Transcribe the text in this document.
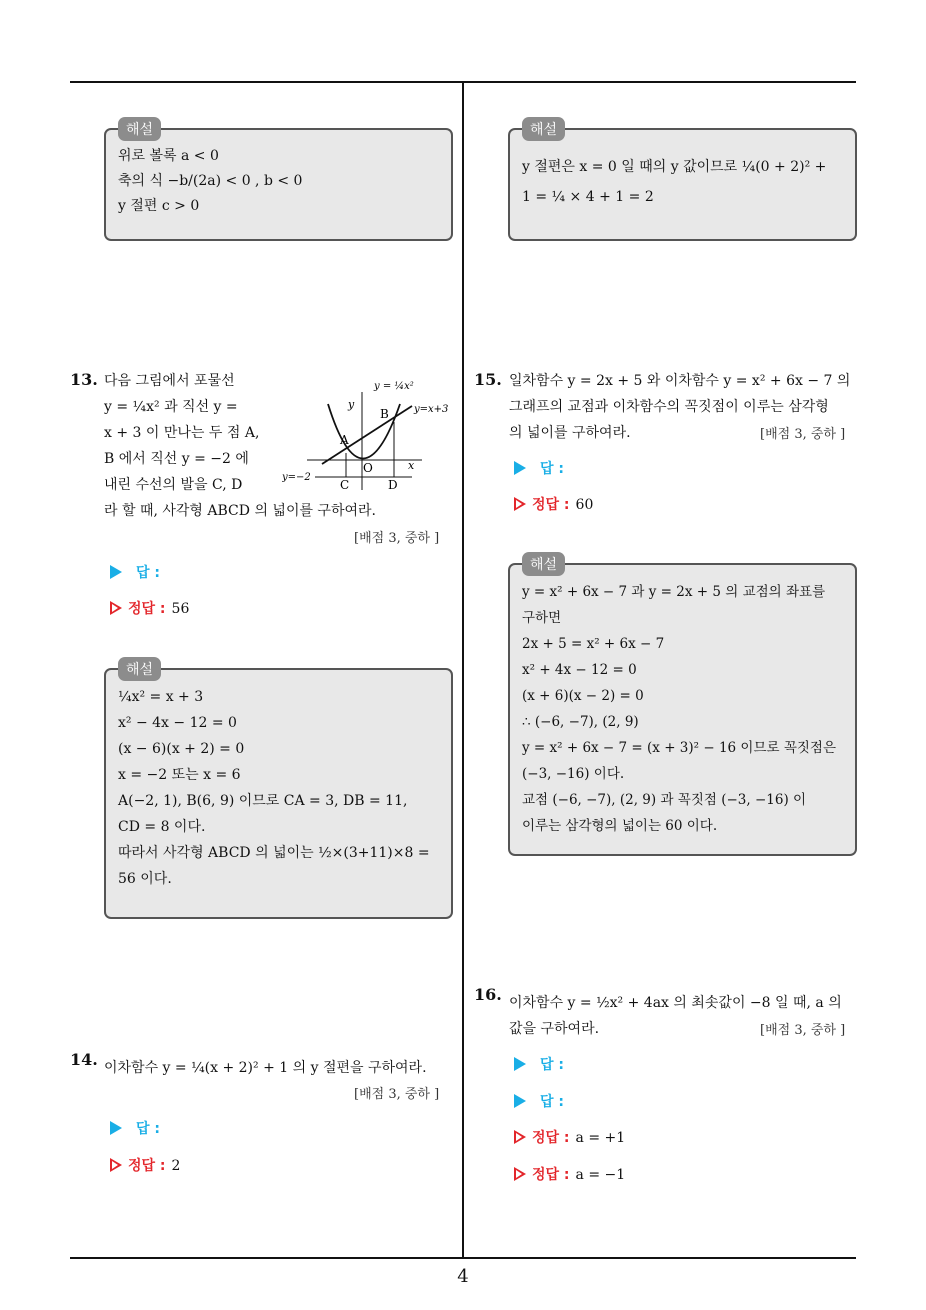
해설
위로 볼록 a < 0
축의 식 −b/(2a) < 0 , b < 0
y 절편 c > 0
13. 다음 그림에서 포물선
y = ¼x² 과 직선 y =
x + 3 이 만나는 두 점 A,
B 에서 직선 y = −2 에
내린 수선의 발을 C, D
라 할 때, 사각형 ABCD 의 넓이를 구하여라.
y = ¼x²
y=x+3
y
x
y=−2
A
B
C	D
O
[배점 3, 중하 ]
답 :
정답 : 56
해설
¼x² = x + 3
x² − 4x − 12 = 0
(x − 6)(x + 2) = 0
x = −2 또는 x = 6
A(−2, 1), B(6, 9) 이므로 CA = 3, DB = 11,
CD = 8 이다.
따라서 사각형 ABCD 의 넓이는 ½×(3+11)×8 =
56 이다.
14. 이차함수 y = ¼(x + 2)² + 1 의 y 절편을 구하여라.
[배점 3, 중하 ]
답 :
정답 : 2
해설
y 절편은 x = 0 일 때의 y 값이므로 ¼(0 + 2)² +
1 = ¼ × 4 + 1 = 2
15. 일차함수 y = 2x + 5 와 이차함수 y = x² + 6x − 7 의
그래프의 교점과 이차함수의 꼭짓점이 이루는 삼각형
의 넓이를 구하여라.	[배점 3, 중하 ]
답 :
정답 : 60
해설
y = x² + 6x − 7 과 y = 2x + 5 의 교점의 좌표를
구하면
2x + 5 = x² + 6x − 7
x² + 4x − 12 = 0
(x + 6)(x − 2) = 0
∴ (−6, −7), (2, 9)
y = x² + 6x − 7 = (x + 3)² − 16 이므로 꼭짓점은
(−3, −16) 이다.
교점 (−6, −7), (2, 9) 과 꼭짓점 (−3, −16) 이
이루는 삼각형의 넓이는 60 이다.
16. 이차함수 y = ½x² + 4ax 의 최솟값이 −8 일 때, a 의
값을 구하여라.	[배점 3, 중하 ]
답 :
답 :
정답 : a = +1
정답 : a = −1
4
